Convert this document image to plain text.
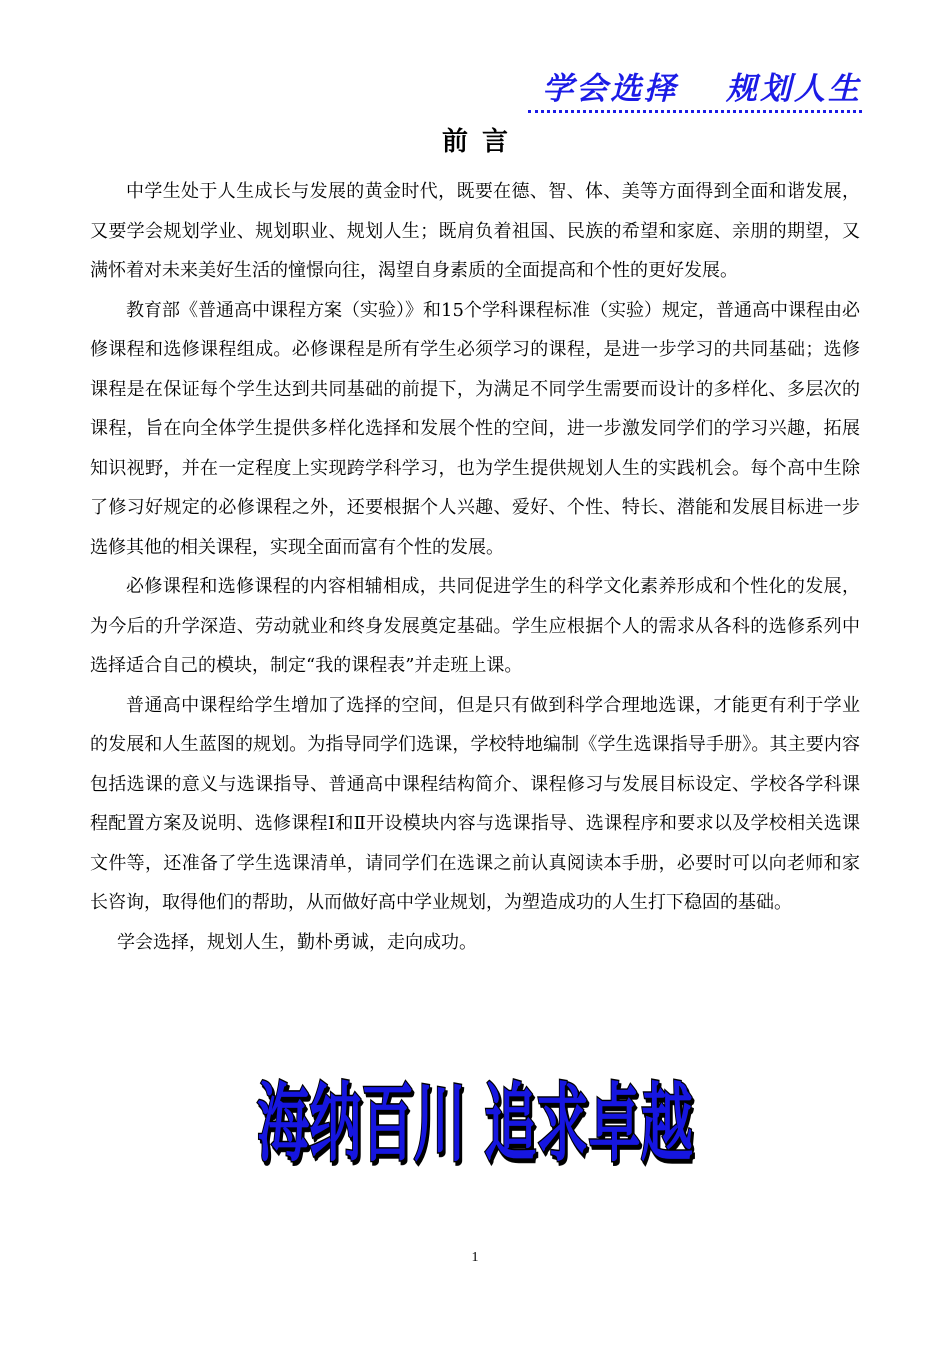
学会选择　 规划人生
前言

中学生处于人生成长与发展的黄金时代，既要在德、智、体、美等方面得到全面和谐发展，又要学会规划学业、规划职业、规划人生；既肩负着祖国、民族的希望和家庭、亲朋的期望，又满怀着对未来美好生活的憧憬向往，渴望自身素质的全面提高和个性的更好发展。

教育部《普通高中课程方案（实验）》和15个学科课程标准（实验）规定，普通高中课程由必修课程和选修课程组成。必修课程是所有学生必须学习的课程，是进一步学习的共同基础；选修课程是在保证每个学生达到共同基础的前提下，为满足不同学生需要而设计的多样化、多层次的课程，旨在向全体学生提供多样化选择和发展个性的空间，进一步激发同学们的学习兴趣，拓展知识视野，并在一定程度上实现跨学科学习，也为学生提供规划人生的实践机会。每个高中生除了修习好规定的必修课程之外，还要根据个人兴趣、爱好、个性、特长、潜能和发展目标进一步选修其他的相关课程，实现全面而富有个性的发展。

必修课程和选修课程的内容相辅相成，共同促进学生的科学文化素养形成和个性化的发展，为今后的升学深造、劳动就业和终身发展奠定基础。学生应根据个人的需求从各科的选修系列中选择适合自己的模块，制定“我的课程表”并走班上课。

普通高中课程给学生增加了选择的空间，但是只有做到科学合理地选课，才能更有利于学业的发展和人生蓝图的规划。为指导同学们选课，学校特地编制《学生选课指导手册》。其主要内容包括选课的意义与选课指导、普通高中课程结构简介、课程修习与发展目标设定、学校各学科课程配置方案及说明、选修课程Ⅰ和Ⅱ开设模块内容与选课指导、选课程序和要求以及学校相关选课文件等，还准备了学生选课清单，请同学们在选课之前认真阅读本手册，必要时可以向老师和家长咨询，取得他们的帮助，从而做好高中学业规划，为塑造成功的人生打下稳固的基础。

学会选择，规划人生，勤朴勇诚，走向成功。

海纳百川 追求卓越
1
